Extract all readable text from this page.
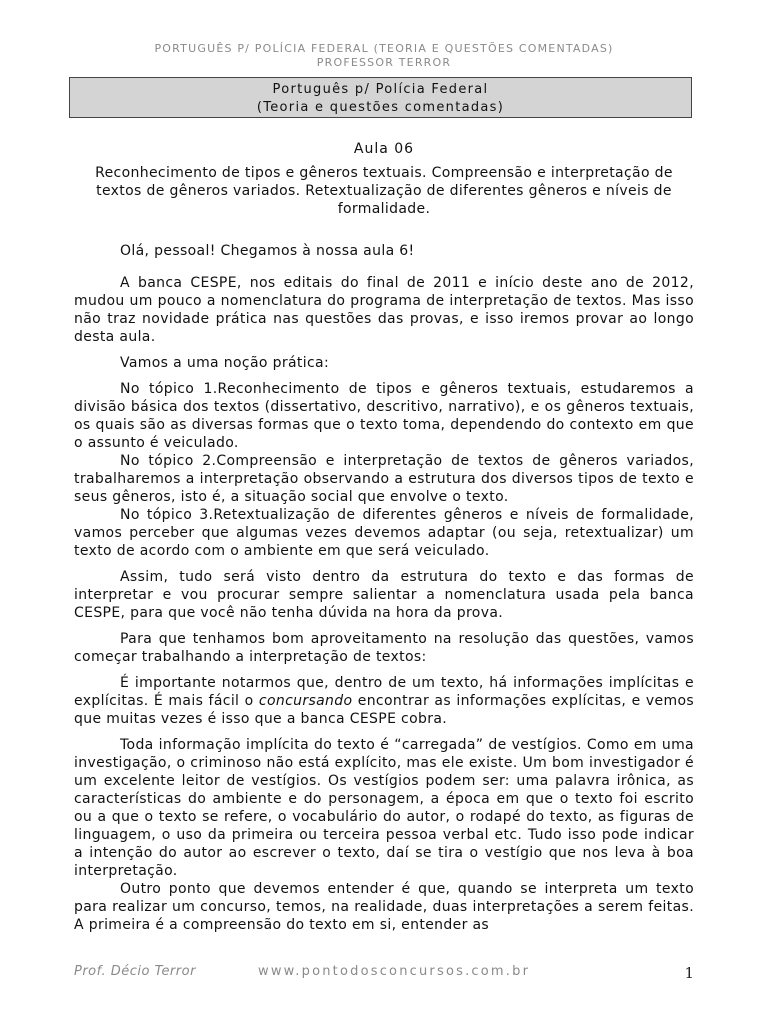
PORTUGUÊS P/ POLÍCIA FEDERAL (TEORIA E QUESTÕES COMENTADAS)
PROFESSOR TERROR
Português p/ Polícia Federal
(Teoria e questões comentadas)
Aula 06
Reconhecimento de tipos e gêneros textuais. Compreensão e interpretação de textos de gêneros variados. Retextualização de diferentes gêneros e níveis de formalidade.

Olá, pessoal! Chegamos à nossa aula 6!

A banca CESPE, nos editais do final de 2011 e início deste ano de 2012, mudou um pouco a nomenclatura do programa de interpretação de textos. Mas isso não traz novidade prática nas questões das provas, e isso iremos provar ao longo desta aula.

Vamos a uma noção prática:

No tópico 1.Reconhecimento de tipos e gêneros textuais, estudaremos a divisão básica dos textos (dissertativo, descritivo, narrativo), e os gêneros textuais, os quais são as diversas formas que o texto toma, dependendo do contexto em que o assunto é veiculado.

No tópico 2.Compreensão e interpretação de textos de gêneros variados, trabalharemos a interpretação observando a estrutura dos diversos tipos de texto e seus gêneros, isto é, a situação social que envolve o texto.

No tópico 3.Retextualização de diferentes gêneros e níveis de formalidade, vamos perceber que algumas vezes devemos adaptar (ou seja, retextualizar) um texto de acordo com o ambiente em que será veiculado.

Assim, tudo será visto dentro da estrutura do texto e das formas de interpretar e vou procurar sempre salientar a nomenclatura usada pela banca CESPE, para que você não tenha dúvida na hora da prova.

Para que tenhamos bom aproveitamento na resolução das questões, vamos começar trabalhando a interpretação de textos:

É importante notarmos que, dentro de um texto, há informações implícitas e explícitas. É mais fácil o concursando encontrar as informações explícitas, e vemos que muitas vezes é isso que a banca CESPE cobra.

Toda informação implícita do texto é “carregada” de vestígios. Como em uma investigação, o criminoso não está explícito, mas ele existe. Um bom investigador é um excelente leitor de vestígios. Os vestígios podem ser: uma palavra irônica, as características do ambiente e do personagem, a época em que o texto foi escrito ou a que o texto se refere, o vocabulário do autor, o rodapé do texto, as figuras de linguagem, o uso da primeira ou terceira pessoa verbal etc. Tudo isso pode indicar a intenção do autor ao escrever o texto, daí se tira o vestígio que nos leva à boa interpretação.

Outro ponto que devemos entender é que, quando se interpreta um texto para realizar um concurso, temos, na realidade, duas interpretações a serem feitas. A primeira é a compreensão do texto em si, entender as

Prof. Décio Terror	www.pontodosconcursos.com.br	1
